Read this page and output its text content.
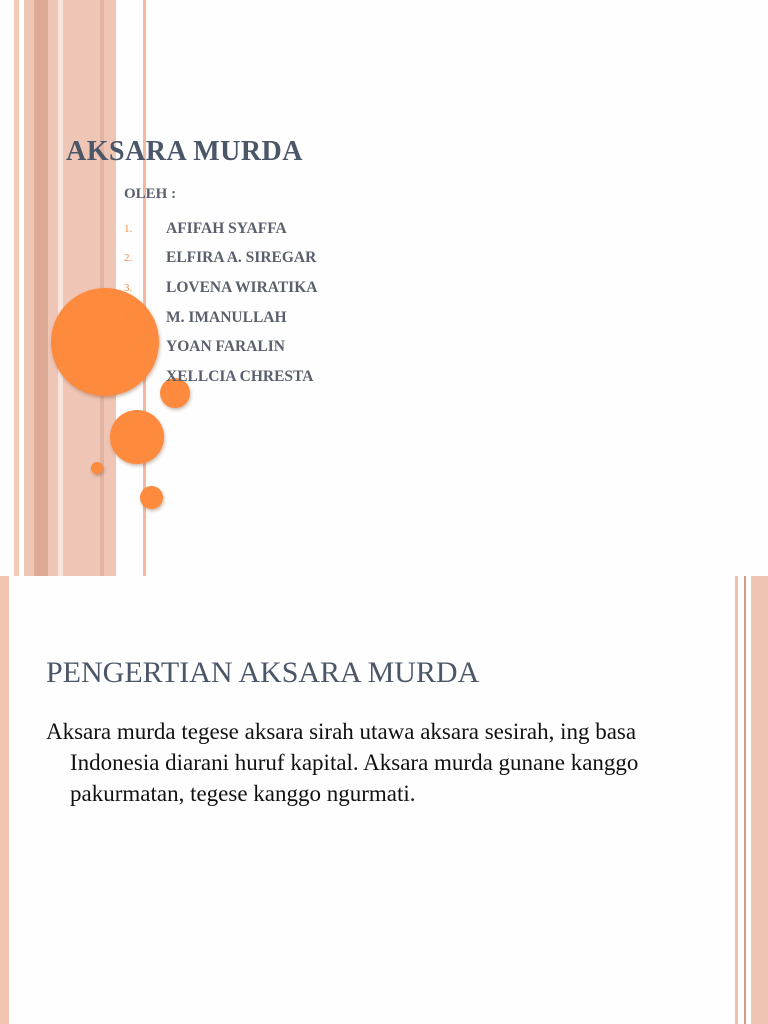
AKSARA MURDA
OLEH :
1.	AFIFAH SYAFFA
2.	ELFIRA A. SIREGAR
3.	LOVENA WIRATIKA
4.	M. IMANULLAH
5.	YOAN FARALIN
6.	XELLCIA CHRESTA
PENGERTIAN AKSARA MURDA
Aksara murda tegese aksara sirah utawa aksara sesirah, ing basa Indonesia diarani huruf kapital. Aksara murda gunane kanggo pakurmatan, tegese kanggo ngurmati.
